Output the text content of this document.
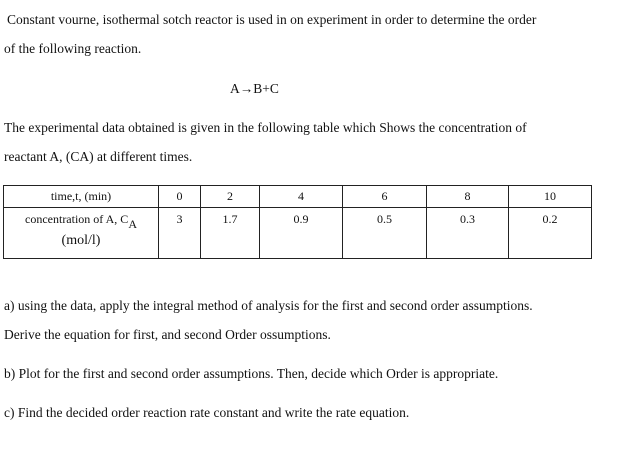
Constant vourne, isothermal sotch reactor is used in on experiment in order to determine the order
of the following reaction.
A→B+C
The experimental data obtained is given in the following table which Shows the concentration of
reactant A, (CA) at different times.
time,t, (min)	0	2	4	6	8	10
concentration of A, CA
(mol/l)	3	1.7	0.9	0.5	0.3	0.2
a) using the data, apply the integral method of analysis for the first and second order assumptions.
Derive the equation for first, and second Order ossumptions.
b) Plot for the first and second order assumptions. Then, decide which Order is appropriate.
c) Find the decided order reaction rate constant and write the rate equation.
